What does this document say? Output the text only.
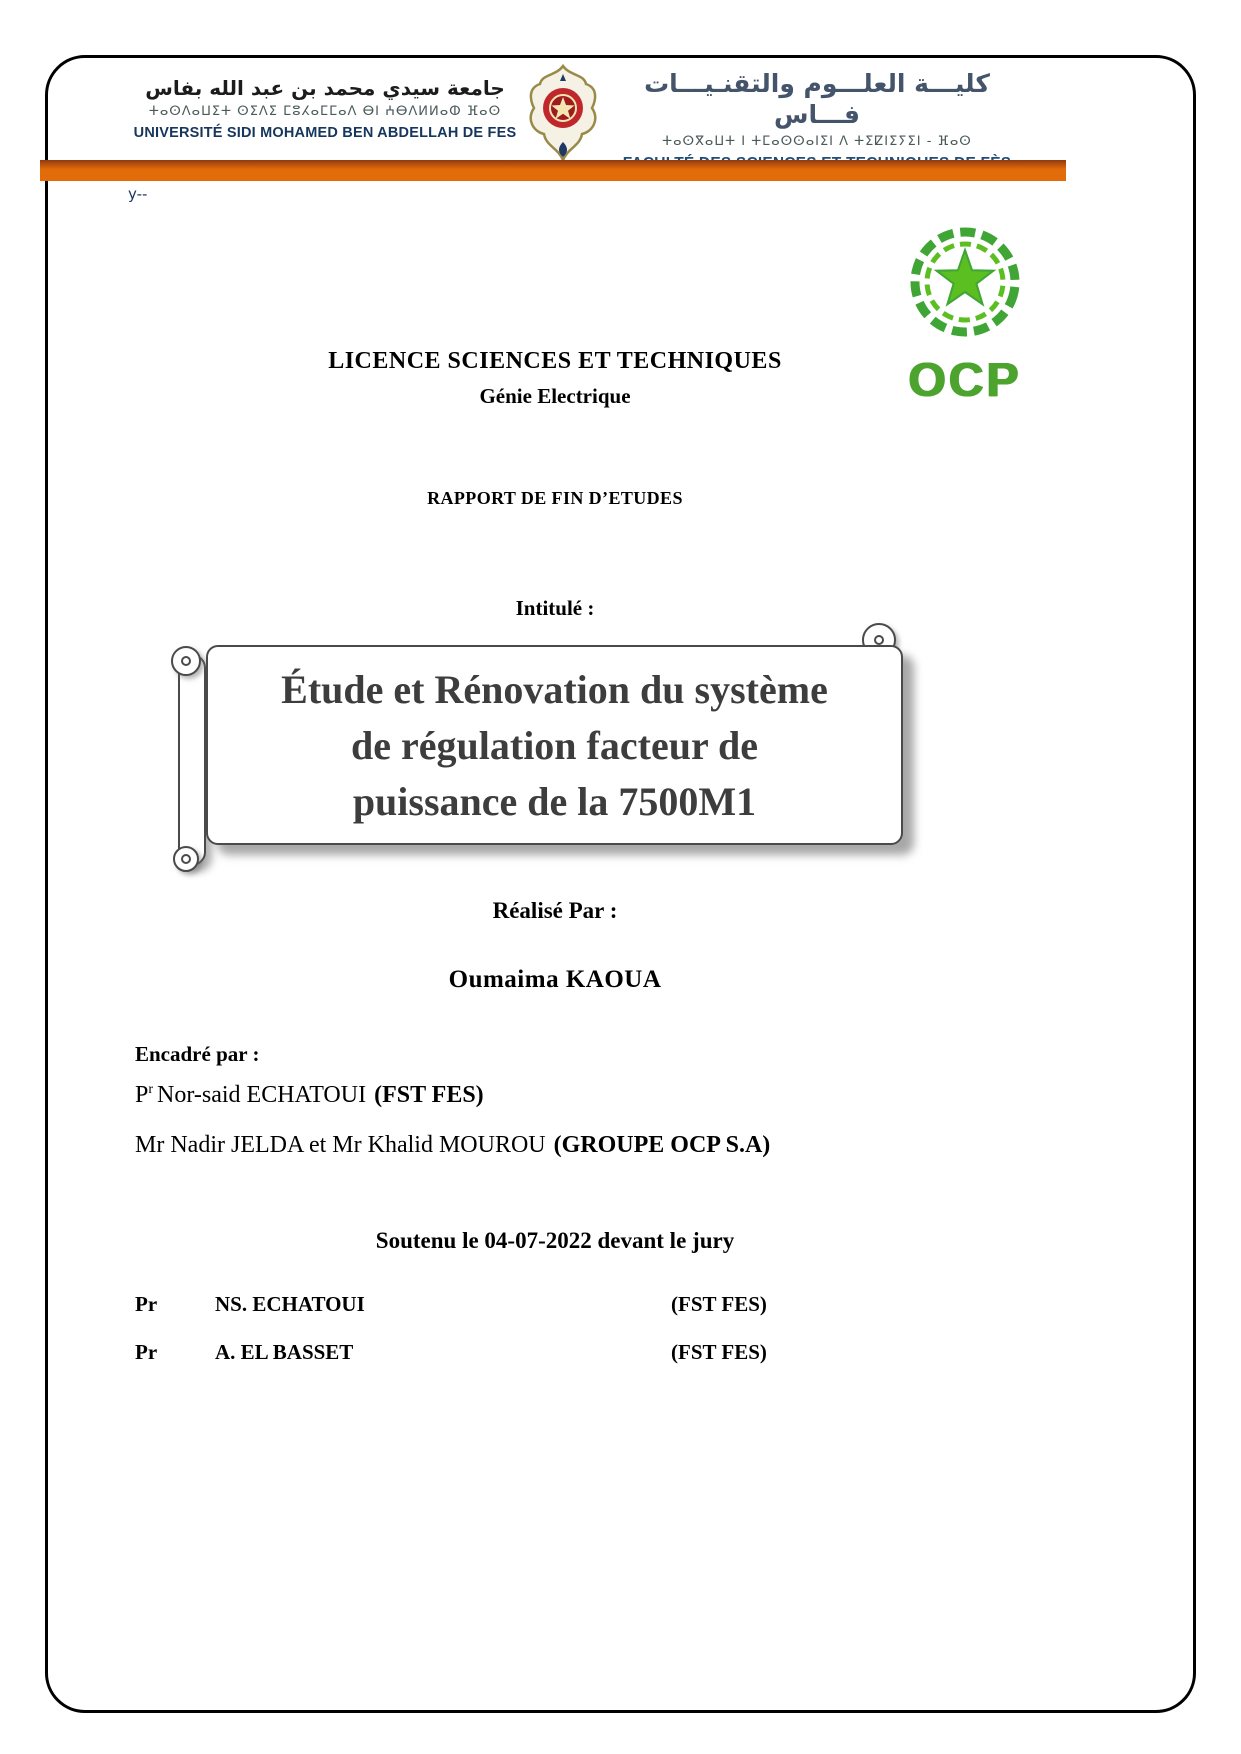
جامعة سيدي محمد بن عبد الله بفاس
ⵜⴰⵙⴷⴰⵡⵉⵜ ⵙⵉⴷⵉ ⵎⵓⵃⴰⵎⵎⴰⴷ ⴱⵏ ⵄⴱⴷⵍⵍⴰⵀ ⴼⴰⵙ
UNIVERSITÉ SIDI MOHAMED BEN ABDELLAH DE FES
كليـــة العلـــوم والتقنـيـــات فـــاس
ⵜⴰⵙⴳⴰⵡⵜ ⵏ ⵜⵎⴰⵙⵙⴰⵏⵉⵏ ⴷ ⵜⵉⵇⵏⵉⵢⵉⵏ - ⴼⴰⵙ
y--
OCP
LICENCE SCIENCES ET TECHNIQUES
Génie Electrique
RAPPORT DE FIN D’ETUDES
Intitulé :
Étude et Rénovation du système
de régulation facteur de
puissance de la 7500M1
Réalisé Par :
Oumaima KAOUA
Encadré par :
$P^r$ Nor-said ECHATOUI (FST FES)
Mr Nadir JELDA et Mr Khalid MOUROU (GROUPE OCP S.A)
Soutenu le 04-07-2022 devant le jury
Pr	NS. ECHATOUI	(FST FES)
Pr	A. EL BASSET	(FST FES)
